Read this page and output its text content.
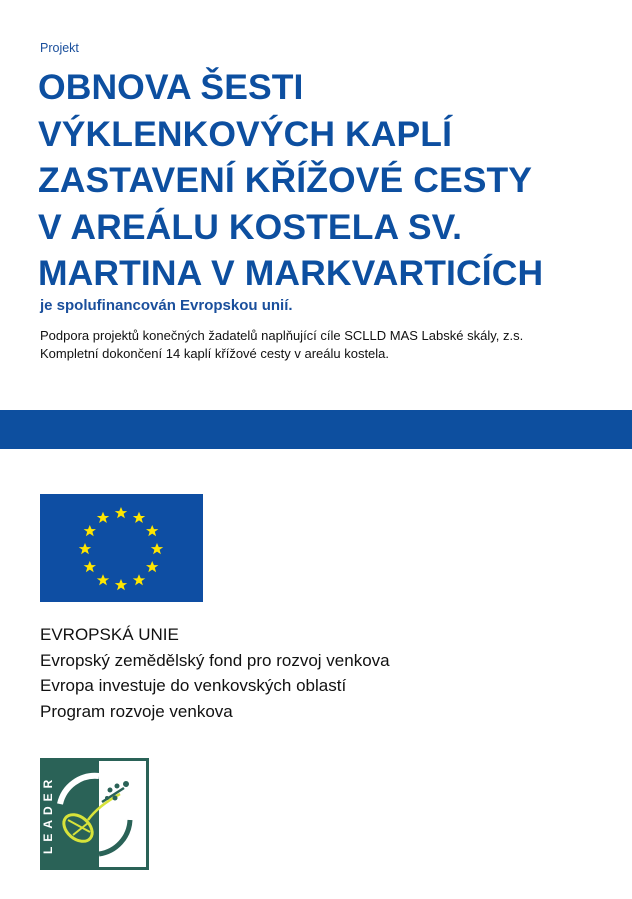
Projekt
OBNOVA ŠESTI
VÝKLENKOVÝCH KAPLÍ
ZASTAVENÍ KŘÍŽOVÉ CESTY
V AREÁLU KOSTELA SV.
MARTINA V MARKVARTICÍCH
je spolufinancován Evropskou unií.
Podpora projektů konečných žadatelů naplňující cíle SCLLD MAS Labské skály, z.s.
Kompletní dokončení 14 kaplí křížové cesty v areálu kostela.
EVROPSKÁ UNIE
Evropský zemědělský fond pro rozvoj venkova
Evropa investuje do venkovských oblastí
Program rozvoje venkova
LEADER
